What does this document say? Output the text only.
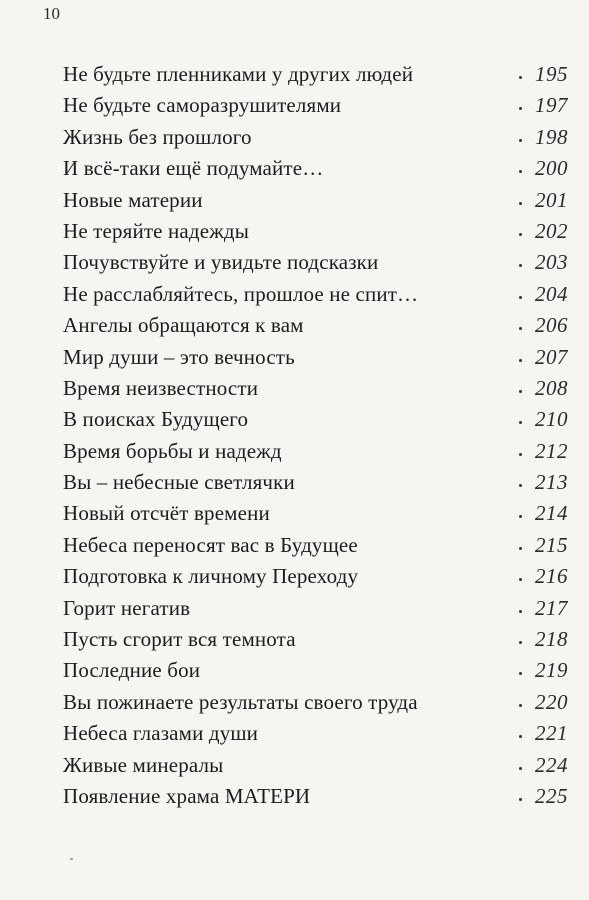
10
Не будьте пленниками у других людей	195
Не будьте саморазрушителями	197
Жизнь без прошлого	198
И всё-таки ещё подумайте…	200
Новые материи	201
Не теряйте надежды	202
Почувствуйте и увидьте подсказки	203
Не расслабляйтесь, прошлое не спит…	204
Ангелы обращаются к вам	206
Мир души – это вечность	207
Время неизвестности	208
В поисках Будущего	210
Время борьбы и надежд	212
Вы – небесные светлячки	213
Новый отсчёт времени	214
Небеса переносят вас в Будущее	215
Подготовка к личному Переходу	216
Горит негатив	217
Пусть сгорит вся темнота	218
Последние бои	219
Вы пожинаете результаты своего труда	220
Небеса глазами души	221
Живые минералы	224
Появление храма МАТЕРИ	225
